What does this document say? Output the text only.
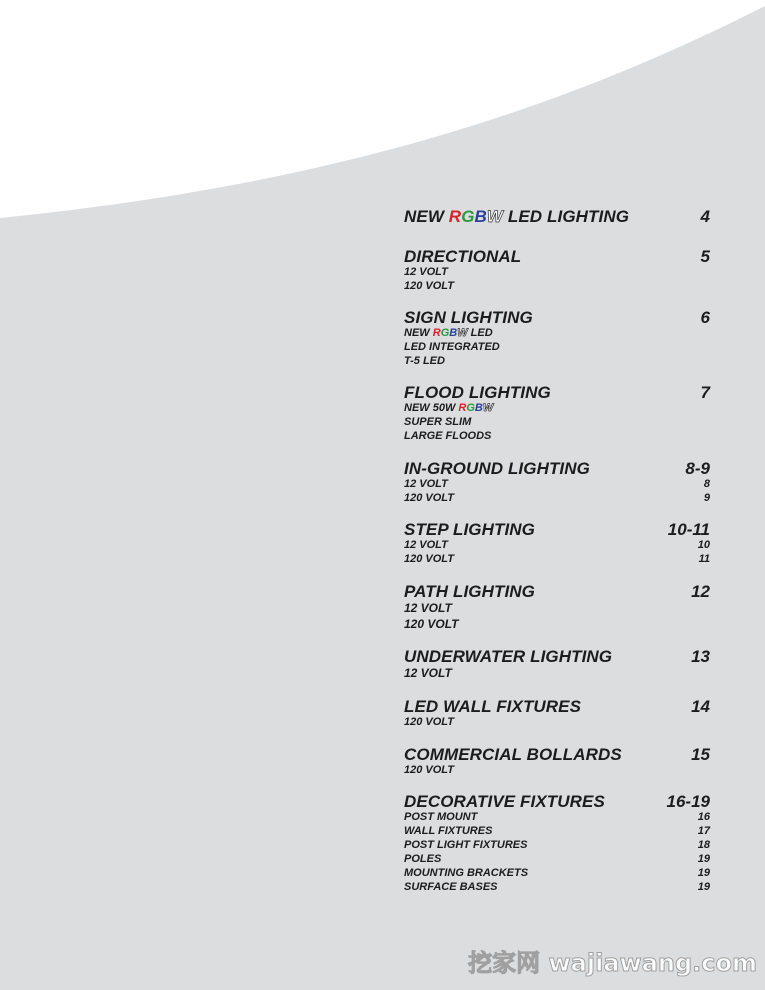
NEW RGBW LED LIGHTING	4
DIRECTIONAL	5
12 VOLT
120 VOLT
SIGN LIGHTING	6
NEW RGBW LED
LED INTEGRATED
T-5 LED
FLOOD LIGHTING	7
NEW 50W RGBW
SUPER SLIM
LARGE FLOODS
IN-GROUND LIGHTING	8-9
12 VOLT	8
120 VOLT	9
STEP LIGHTING	10-11
12 VOLT	10
120 VOLT	11
PATH LIGHTING	12
12 VOLT
120 VOLT
UNDERWATER LIGHTING	13
12 VOLT
LED WALL FIXTURES	14
120 VOLT
COMMERCIAL BOLLARDS	15
120 VOLT
DECORATIVE FIXTURES	16-19
POST MOUNT	16
WALL FIXTURES	17
POST LIGHT FIXTURES	18
POLES	19
MOUNTING BRACKETS	19
SURFACE BASES	19
挖家网 wajiawang.com
